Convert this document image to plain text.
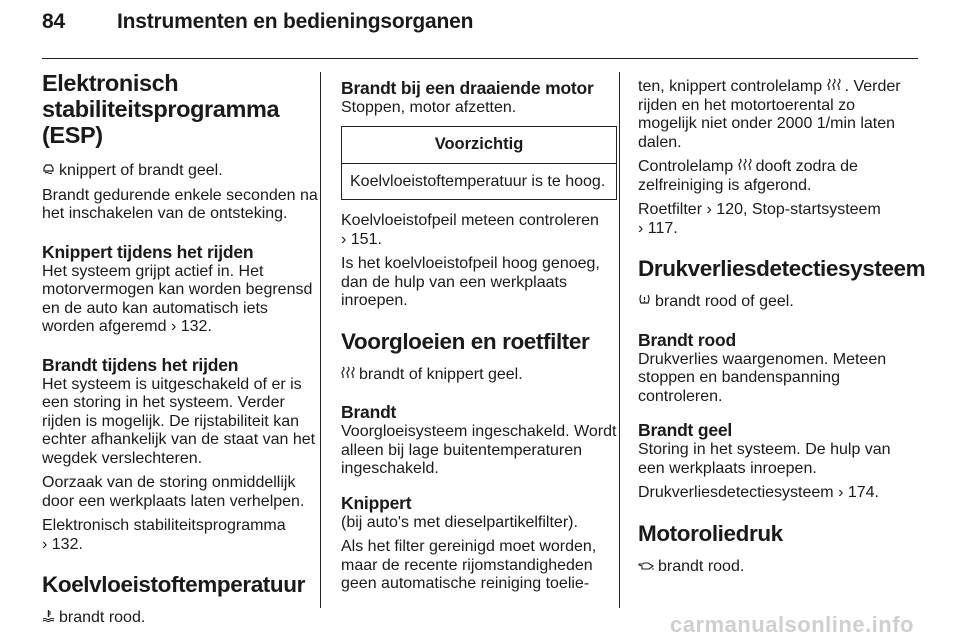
84 Instrumenten en bedieningsorganen
Elektronisch stabiliteitsprogramma (ESP)

knippert of brandt geel.

Brandt gedurende enkele seconden na het inschakelen van de ontsteking.

Knippert tijdens het rijden

Het systeem grijpt actief in. Het motorvermogen kan worden begrensd en de auto kan automatisch iets worden afgeremd › 132.

Brandt tijdens het rijden

Het systeem is uitgeschakeld of er is een storing in het systeem. Verder rijden is mogelijk. De rijstabiliteit kan echter afhankelijk van de staat van het wegdek verslechteren.

Oorzaak van de storing onmiddellijk door een werkplaats laten verhelpen.

Elektronisch stabiliteitsprogramma
› 132.

Koelvloeistoftemperatuur

brandt rood.

Brandt bij een draaiende motor

Stoppen, motor afzetten.

Voorzichtig
Koelvloeistoftemperatuur is te hoog.

Koelvloeistofpeil meteen controleren
› 151.

Is het koelvloeistofpeil hoog genoeg, dan de hulp van een werkplaats inroepen.

Voorgloeien en roetfilter

brandt of knippert geel.

Brandt

Voorgloeisysteem ingeschakeld. Wordt alleen bij lage buitentemperaturen ingeschakeld.

Knippert

(bij auto's met dieselpartikelfilter).

Als het filter gereinigd moet worden, maar de recente rijomstandigheden geen automatische reiniging toelie-

ten, knippert controlelamp . Verder rijden en het motortoerental zo mogelijk niet onder 2000 1/min laten dalen.

Controlelamp dooft zodra de zelfreiniging is afgerond.

Roetfilter › 120, Stop-startsysteem
› 117.

Drukverliesdetectiesysteem

brandt rood of geel.

Brandt rood

Drukverlies waargenomen. Meteen stoppen en bandenspanning controleren.

Brandt geel

Storing in het systeem. De hulp van een werkplaats inroepen.

Drukverliesdetectiesysteem › 174.

Motoroliedruk

brandt rood.

carmanualsonline.info
